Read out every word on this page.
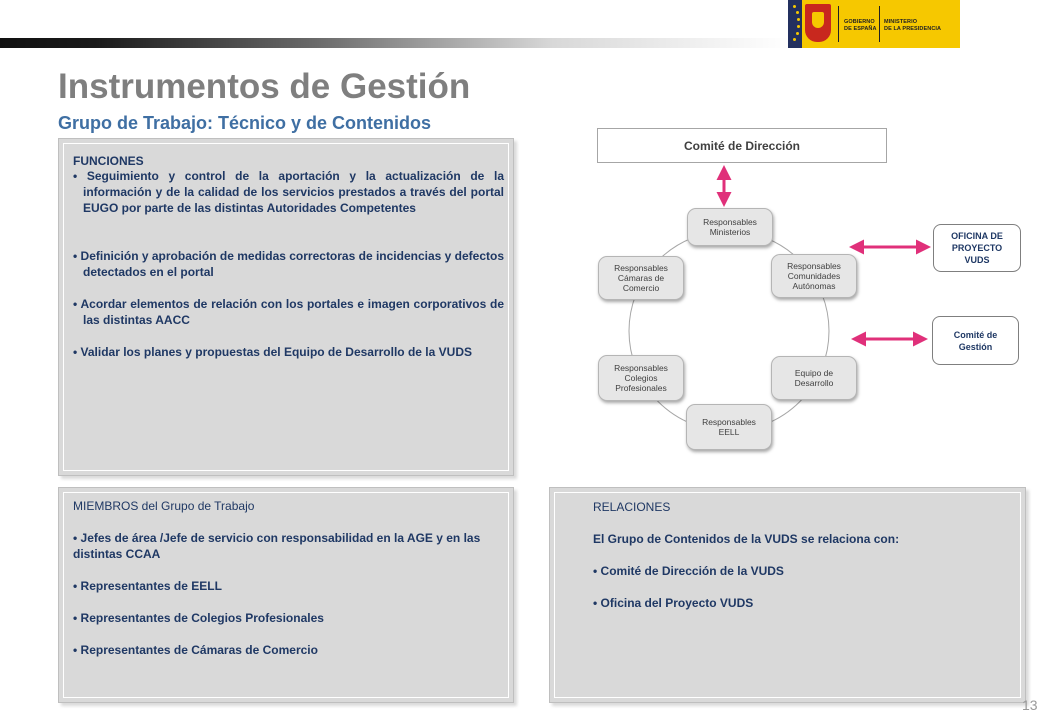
GOBIERNO
DE ESPAÑA
MINISTERIO
DE LA PRESIDENCIA
Instrumentos de Gestión
Grupo de Trabajo: Técnico y de Contenidos
FUNCIONES
• Seguimiento y control de la aportación y la actualización de la información y de la calidad de los servicios prestados a través del portal EUGO por parte de las distintas Autoridades Competentes
• Definición y aprobación de medidas correctoras de incidencias y defectos detectados en el portal
• Acordar elementos de relación con los portales e imagen corporativos de las distintas AACC
• Validar los planes y propuestas del Equipo de Desarrollo de la VUDS
MIEMBROS del Grupo de Trabajo
• Jefes de área /Jefe de servicio con responsabilidad en la AGE y en las distintas CCAA
• Representantes de EELL
• Representantes de Colegios Profesionales
• Representantes de Cámaras de Comercio
RELACIONES
El Grupo de Contenidos de la VUDS se relaciona con:
• Comité de Dirección de la VUDS
• Oficina del Proyecto VUDS
13
Comité de Dirección
OFICINA DE
PROYECTO
VUDS
Comité de
Gestión
Responsables
Ministerios
Responsables
Comunidades
Autónomas
Equipo de
Desarrollo
Responsables
EELL
Responsables
Colegios
Profesionales
Responsables
Cámaras de
Comercio
